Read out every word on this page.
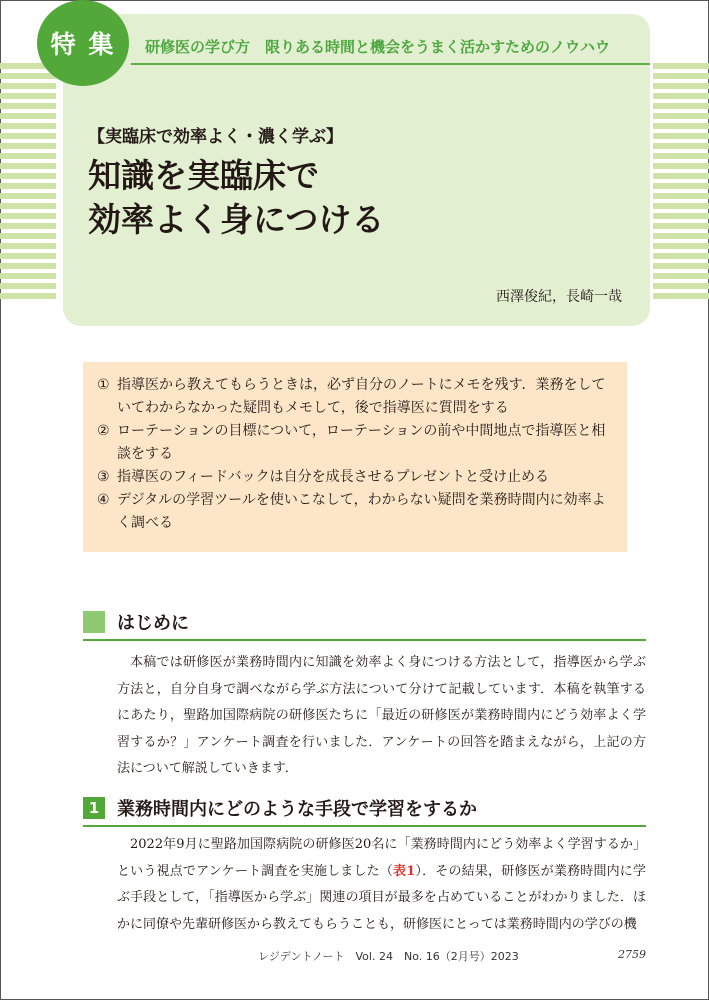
特 集	研修医の学び方　限りある時間と機会をうまく活かすためのノウハウ
【実臨床で効率よく・濃く学ぶ】
知識を実臨床で
効率よく身につける
西澤俊紀，長崎一哉
① 指導医から教えてもらうときは，必ず自分のノートにメモを残す．業務をしていてわからなかった疑問もメモして，後で指導医に質問をする
② ローテーションの目標について，ローテーションの前や中間地点で指導医と相談をする
③ 指導医のフィードバックは自分を成長させるプレゼントと受け止める
④ デジタルの学習ツールを使いこなして，わからない疑問を業務時間内に効率よく調べる
はじめに

本稿では研修医が業務時間内に知識を効率よく身につける方法として，指導医から学ぶ方法と，自分自身で調べながら学ぶ方法について分けて記載しています．本稿を執筆するにあたり，聖路加国際病院の研修医たちに「最近の研修医が業務時間内にどう効率よく学習するか？」アンケート調査を行いました．アンケートの回答を踏まえながら，上記の方法について解説していきます．

1 業務時間内にどのような手段で学習をするか

2022年9月に聖路加国際病院の研修医20名に「業務時間内にどう効率よく学習するか」という視点でアンケート調査を実施しました（表1）．その結果，研修医が業務時間内に学ぶ手段として，「指導医から学ぶ」関連の項目が最多を占めていることがわかりました．ほかに同僚や先輩研修医から教えてもらうことも，研修医にとっては業務時間内の学びの機

レジデントノート　Vol. 24　No. 16（2月号）2023	2759
